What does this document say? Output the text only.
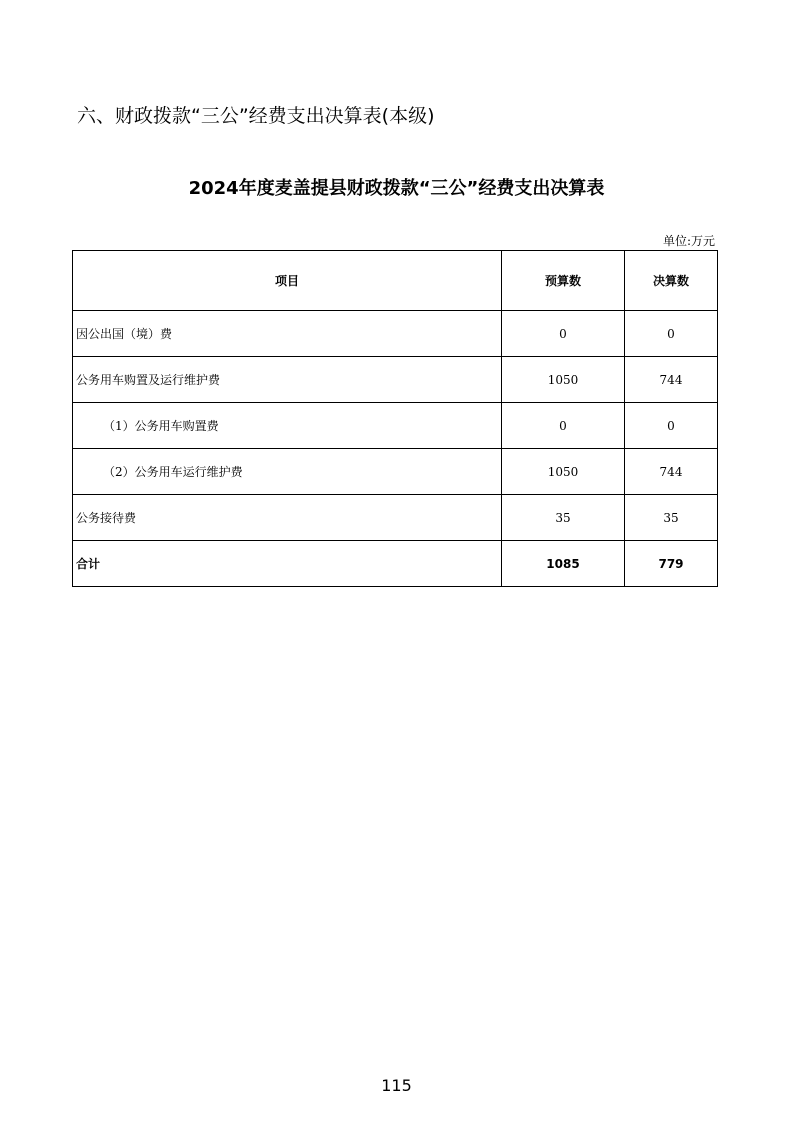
六、财政拨款“三公”经费支出决算表(本级)
2024年度麦盖提县财政拨款“三公”经费支出决算表
单位:万元
项目	预算数	决算数
因公出国（境）费	0	0
公务用车购置及运行维护费	1050	744
（1）公务用车购置费	0	0
（2）公务用车运行维护费	1050	744
公务接待费	35	35
合计	1085	779
115
